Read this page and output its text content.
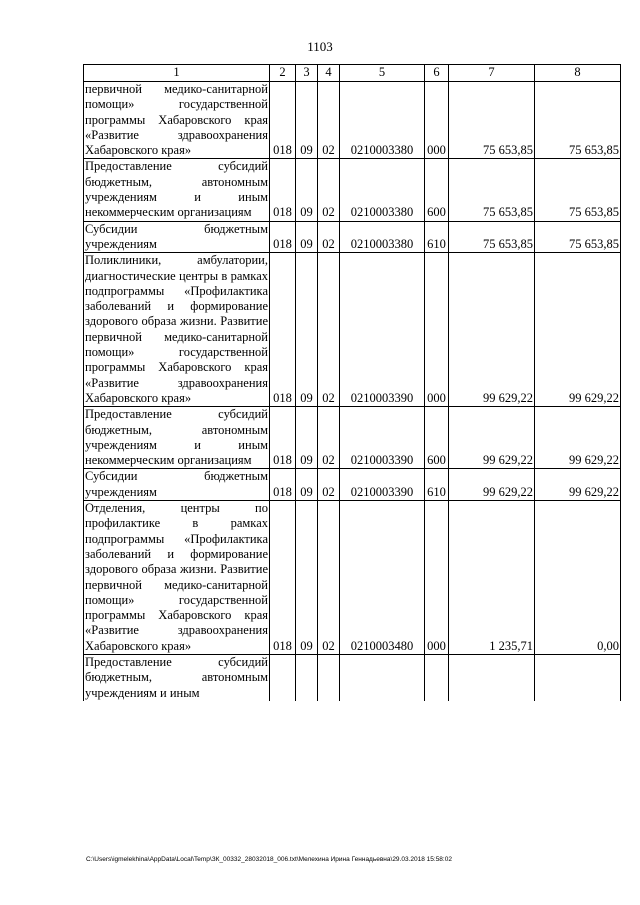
1103
1	2	3	4	5	6	7	8
первичной медико-санитарной помощи» государственной программы Хабаровского края «Развитие здравоохранения Хабаровского края»	018	09	02	0210003380	000	75 653,85	75 653,85
Предоставление субсидий бюджетным, автономным учреждениям и иным некоммерческим организациям	018	09	02	0210003380	600	75 653,85	75 653,85
Субсидии бюджетным учреждениям	018	09	02	0210003380	610	75 653,85	75 653,85
Поликлиники, амбулатории, диагностические центры в рамках подпрограммы «Профилактика заболеваний и формирование здорового образа жизни. Развитие первичной медико-санитарной помощи» государственной программы Хабаровского края «Развитие здравоохранения Хабаровского края»	018	09	02	0210003390	000	99 629,22	99 629,22
Предоставление субсидий бюджетным, автономным учреждениям и иным некоммерческим организациям	018	09	02	0210003390	600	99 629,22	99 629,22
Субсидии бюджетным учреждениям	018	09	02	0210003390	610	99 629,22	99 629,22
Отделения, центры по профилактике в рамках подпрограммы «Профилактика заболеваний и формирование здорового образа жизни. Развитие первичной медико-санитарной помощи» государственной программы Хабаровского края «Развитие здравоохранения Хабаровского края»	018	09	02	0210003480	000	1 235,71	0,00
Предоставление субсидий бюджетным, автономным учреждениям и иным							
C:\Users\igmelekhina\AppData\Local\Temp\ЗК_00332_28032018_006.txt\Мелехина Ирина Геннадьевна\29.03.2018 15:58:02
